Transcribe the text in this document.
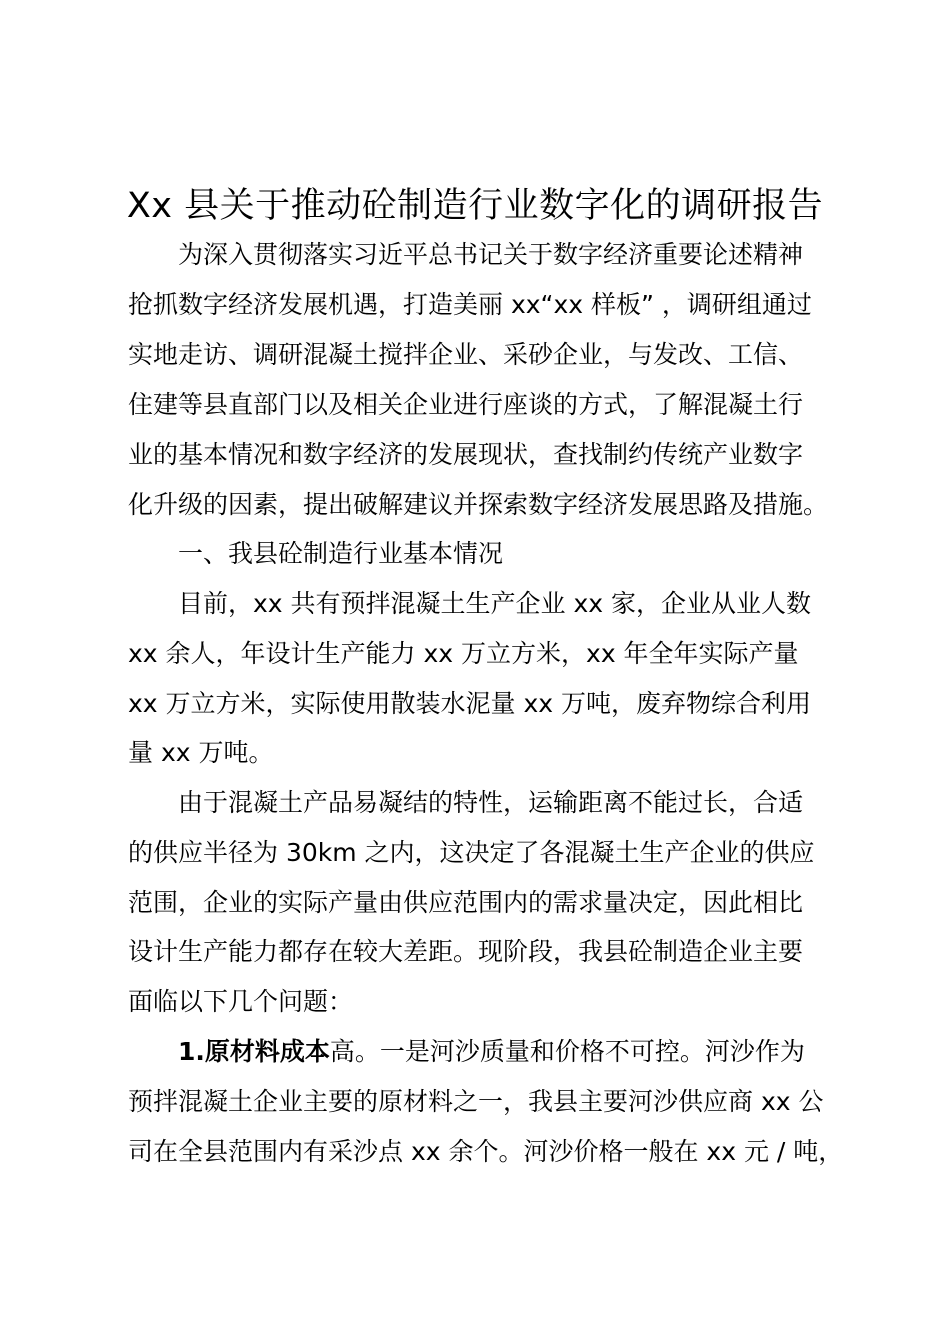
Xx 县关于推动砼制造行业数字化的调研报告
为深入贯彻落实习近平总书记关于数字经济重要论述精神
抢抓数字经济发展机遇，打造美丽 xx“xx 样板” ，调研组通过
实地走访、调研混凝土搅拌企业、采砂企业，与发改、工信、
住建等县直部门以及相关企业进行座谈的方式，了解混凝土行
业的基本情况和数字经济的发展现状，查找制约传统产业数字
化升级的因素，提出破解建议并探索数字经济发展思路及措施。
一、我县砼制造行业基本情况
目前，xx 共有预拌混凝土生产企业 xx 家，企业从业人数
xx 余人，年设计生产能力 xx 万立方米，xx 年全年实际产量
xx 万立方米，实际使用散装水泥量 xx 万吨，废弃物综合利用
量 xx 万吨。
由于混凝土产品易凝结的特性，运输距离不能过长，合适
的供应半径为 30km 之内，这决定了各混凝土生产企业的供应
范围，企业的实际产量由供应范围内的需求量决定，因此相比
设计生产能力都存在较大差距。现阶段，我县砼制造企业主要
面临以下几个问题：
1.原材料成本高。一是河沙质量和价格不可控。河沙作为
预拌混凝土企业主要的原材料之一，我县主要河沙供应商 xx 公
司在全县范围内有采沙点 xx 余个。河沙价格一般在 xx 元 / 吨，
